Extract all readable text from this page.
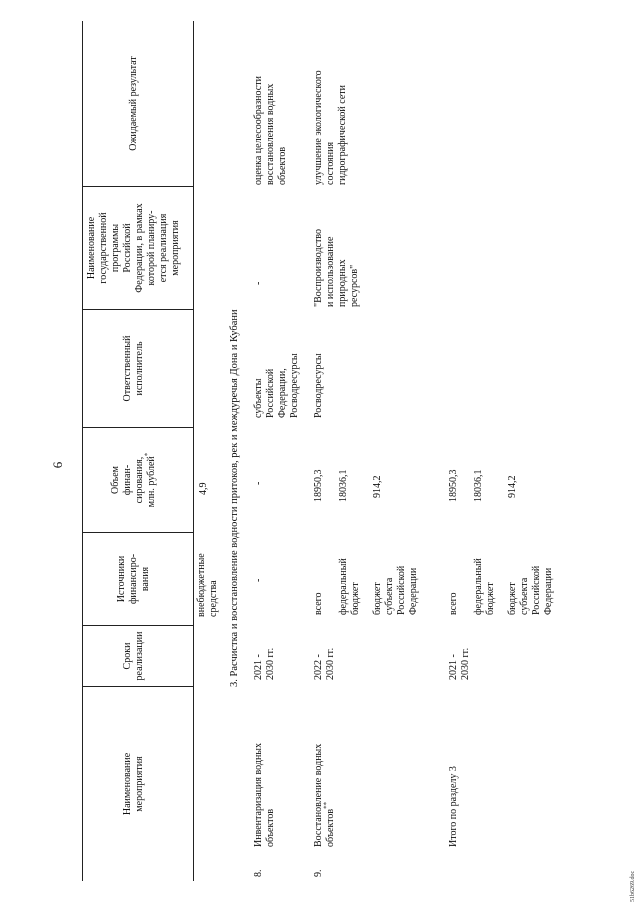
6
Наименование
мероприятия
Сроки
реализации
Источники
финансиро-
вания
Объем
финан-
сирования,
млн. рублей*
Ответственный
исполнитель
Наименование
государственной
программы
Российской
Федерации, в рамках
которой планиру-
ется реализация
мероприятия
Ожидаемый результат
внебюджетные
средства
4,9 3. Расчистка и восстановление водности притоков, рек и междуречья Дона и Кубани
8.
Инвентаризация водных
объектов
2021 -
2030 гг.
-
-
субъекты
Российской
Федерации,
Росводресурсы
-
оценка целесообразности
восстановления водных
объектов
9.
Восстановление водных
объектов**
2022 -
2030 гг.
всего федеральный
бюджет бюджет
субъекта
Российской
Федерации
18950,3 18036,1 914,2
Росводресурсы
"Воспроизводство
и использование
природных
ресурсов"
улучшение экологического
состояния
гидрографической сети
Итого по разделу 3
2021 -
2030 гг.
всего федеральный
бюджет бюджет
субъекта
Российской
Федерации
18950,3 18036,1 914,2
51b6269.doc
